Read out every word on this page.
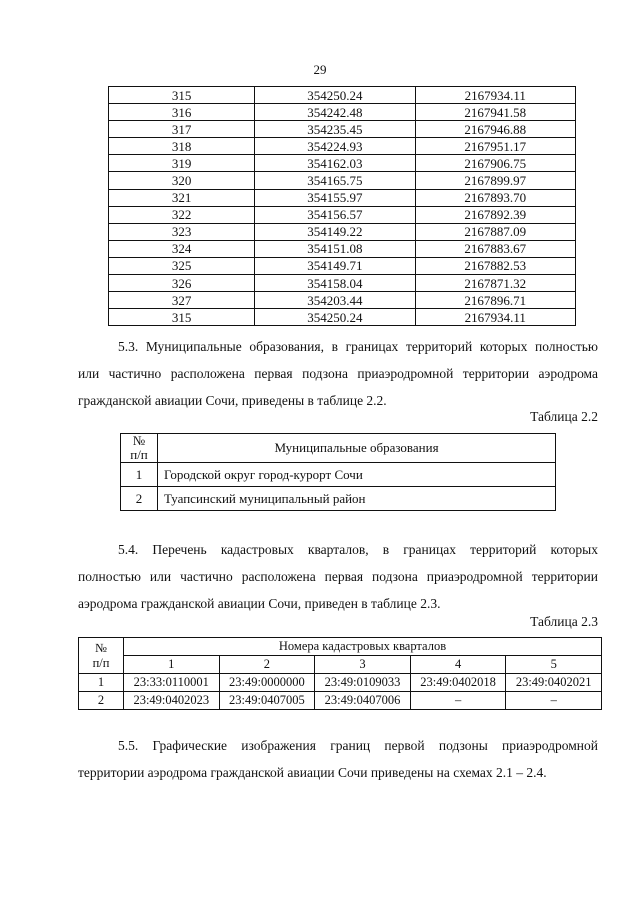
29
315	354250.24	2167934.11
316	354242.48	2167941.58
317	354235.45	2167946.88
318	354224.93	2167951.17
319	354162.03	2167906.75
320	354165.75	2167899.97
321	354155.97	2167893.70
322	354156.57	2167892.39
323	354149.22	2167887.09
324	354151.08	2167883.67
325	354149.71	2167882.53
326	354158.04	2167871.32
327	354203.44	2167896.71
315	354250.24	2167934.11

5.3. Муниципальные образования, в границах территорий которых полностью
или частично расположена первая подзона приаэродромной территории аэродрома
гражданской авиации Сочи, приведены в таблице 2.2.

Таблица 2.2
№
п/п	Муниципальные образования
1	Городской округ город-курорт Сочи
2	Туапсинский муниципальный район

5.4. Перечень кадастровых кварталов, в границах территорий которых
полностью или частично расположена первая подзона приаэродромной территории
аэродрома гражданской авиации Сочи, приведен в таблице 2.3.

Таблица 2.3
№
п/п	Номера кадастровых кварталов				
	1	2	3	4	5
1	23:33:0110001	23:49:0000000	23:49:0109033	23:49:0402018	23:49:0402021
2	23:49:0402023	23:49:0407005	23:49:0407006	–	–

5.5. Графические изображения границ первой подзоны приаэродромной
территории аэродрома гражданской авиации Сочи приведены на схемах 2.1 – 2.4.
